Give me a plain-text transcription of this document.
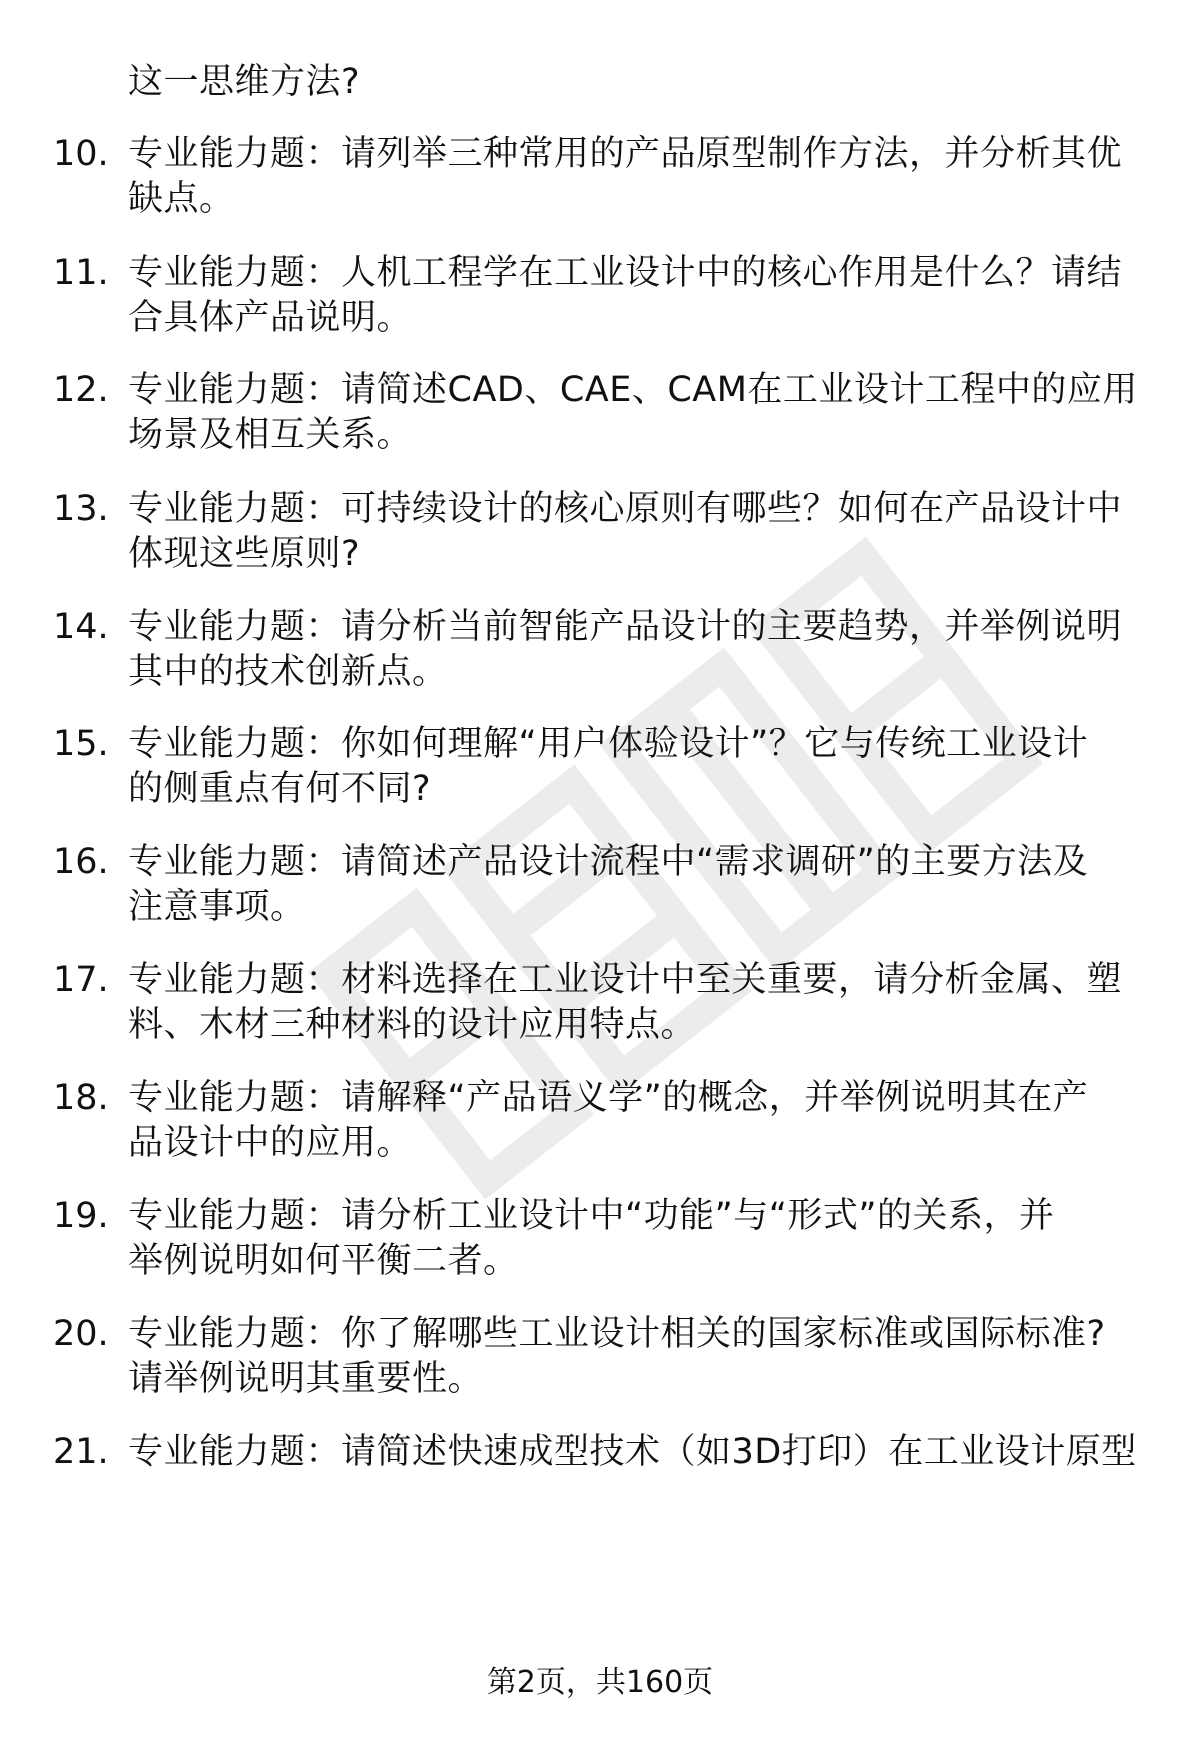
这一思维方法?
10. 专业能力题：请列举三种常用的产品原型制作方法，并分析其优
缺点。
11. 专业能力题：人机工程学在工业设计中的核心作用是什么？请结
合具体产品说明。
12. 专业能力题：请简述CAD、CAE、CAM在工业设计工程中的应用
场景及相互关系。
13. 专业能力题：可持续设计的核心原则有哪些？如何在产品设计中
体现这些原则?
14. 专业能力题：请分析当前智能产品设计的主要趋势，并举例说明
其中的技术创新点。
15. 专业能力题：你如何理解“用户体验设计”？它与传统工业设计
的侧重点有何不同?
16. 专业能力题：请简述产品设计流程中“需求调研”的主要方法及
注意事项。
17. 专业能力题：材料选择在工业设计中至关重要，请分析金属、塑
料、木材三种材料的设计应用特点。
18. 专业能力题：请解释“产品语义学”的概念，并举例说明其在产
品设计中的应用。
19. 专业能力题：请分析工业设计中“功能”与“形式”的关系，并
举例说明如何平衡二者。
20. 专业能力题：你了解哪些工业设计相关的国家标准或国际标准?
请举例说明其重要性。
21. 专业能力题：请简述快速成型技术（如3D打印）在工业设计原型
第2页，共160页
